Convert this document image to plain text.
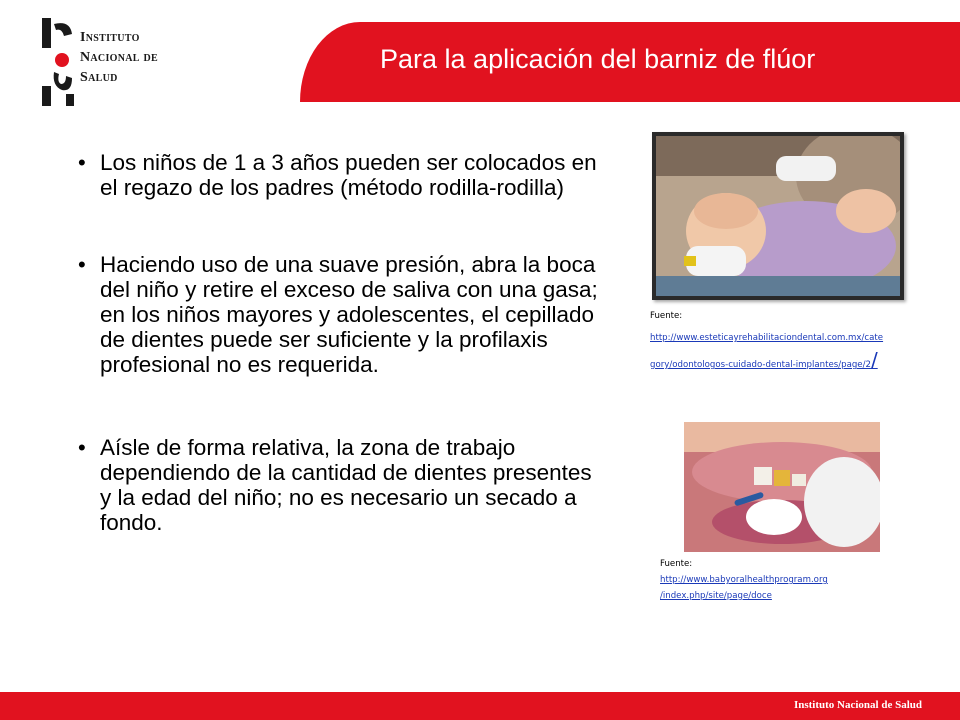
Instituto
Nacional de
Salud
Para la aplicación del barniz de flúor
• Los niños de 1 a 3 años pueden ser colocados en el regazo de los padres (método rodilla-rodilla)
• Haciendo uso de una suave presión, abra la boca del niño y retire el exceso de saliva con una gasa; en los niños mayores y adolescentes, el cepillado de dientes puede ser suficiente y la profilaxis profesional no es requerida.
• Aísle de forma relativa, la zona de trabajo dependiendo de la cantidad de dientes presentes y la edad del niño; no es necesario un secado a fondo.
Fuente:
http://www.esteticayrehabilitaciondental.com.mx/cate
gory/odontologos-cuidado-dental-implantes/page/2/
Fuente:
http://www.babyoralhealthprogram.org
/index.php/site/page/doce
Instituto Nacional de Salud
